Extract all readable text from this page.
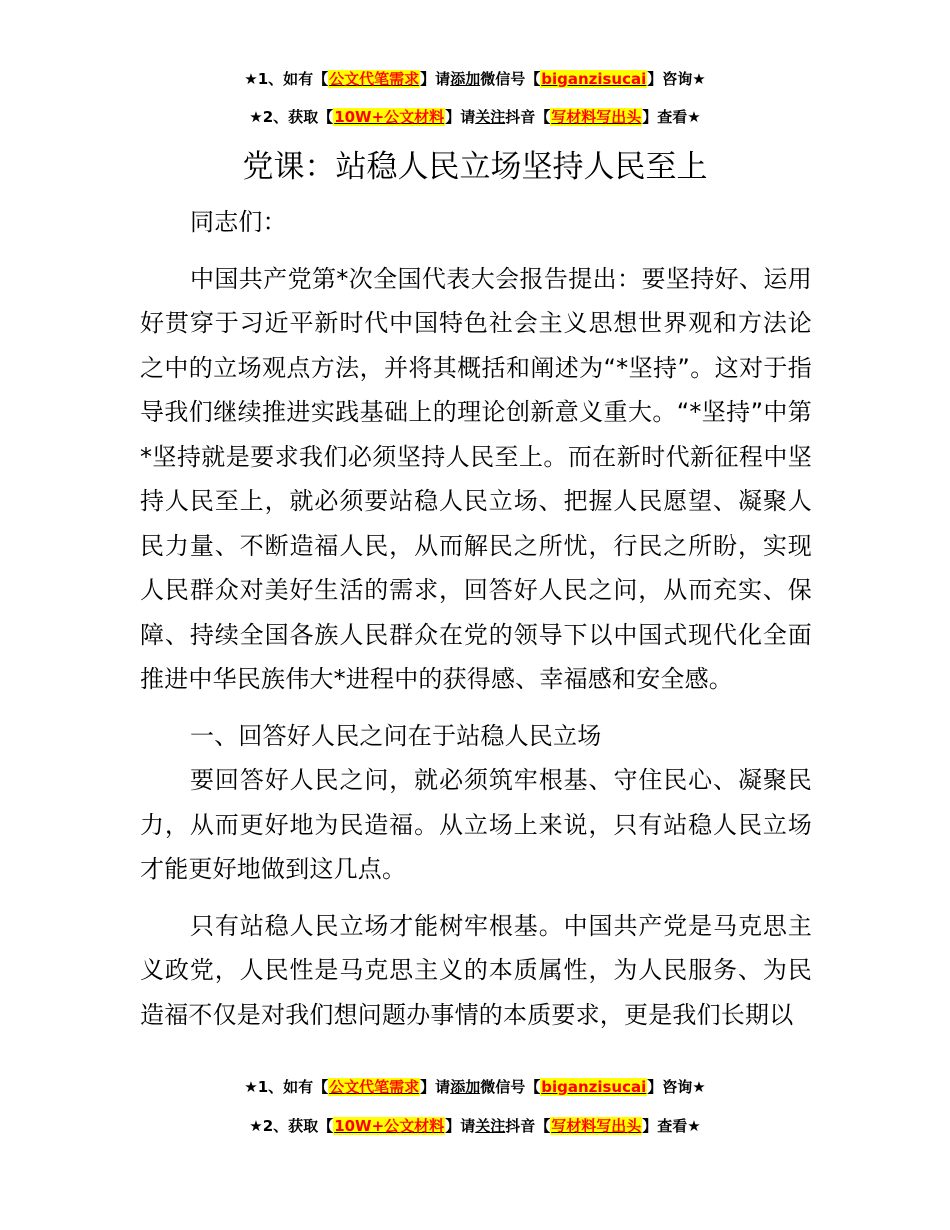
★1、如有【公文代笔需求】请添加微信号【biganzisucai】咨询★
★2、获取【10W+公文材料】请关注抖音【写材料写出头】查看★
党课：站稳人民立场坚持人民至上

同志们：

中国共产党第*次全国代表大会报告提出：要坚持好、运用好贯穿于习近平新时代中国特色社会主义思想世界观和方法论之中的立场观点方法，并将其概括和阐述为“*坚持”。这对于指导我们继续推进实践基础上的理论创新意义重大。“*坚持”中第*坚持就是要求我们必须坚持人民至上。而在新时代新征程中坚持人民至上，就必须要站稳人民立场、把握人民愿望、凝聚人民力量、不断造福人民，从而解民之所忧，行民之所盼，实现人民群众对美好生活的需求，回答好人民之问，从而充实、保障、持续全国各族人民群众在党的领导下以中国式现代化全面推进中华民族伟大*进程中的获得感、幸福感和安全感。

一、回答好人民之问在于站稳人民立场

要回答好人民之问，就必须筑牢根基、守住民心、凝聚民力，从而更好地为民造福。从立场上来说，只有站稳人民立场才能更好地做到这几点。

只有站稳人民立场才能树牢根基。中国共产党是马克思主义政党，人民性是马克思主义的本质属性，为人民服务、为民造福不仅是对我们想问题办事情的本质要求，更是我们长期以

★1、如有【公文代笔需求】请添加微信号【biganzisucai】咨询★
★2、获取【10W+公文材料】请关注抖音【写材料写出头】查看★
